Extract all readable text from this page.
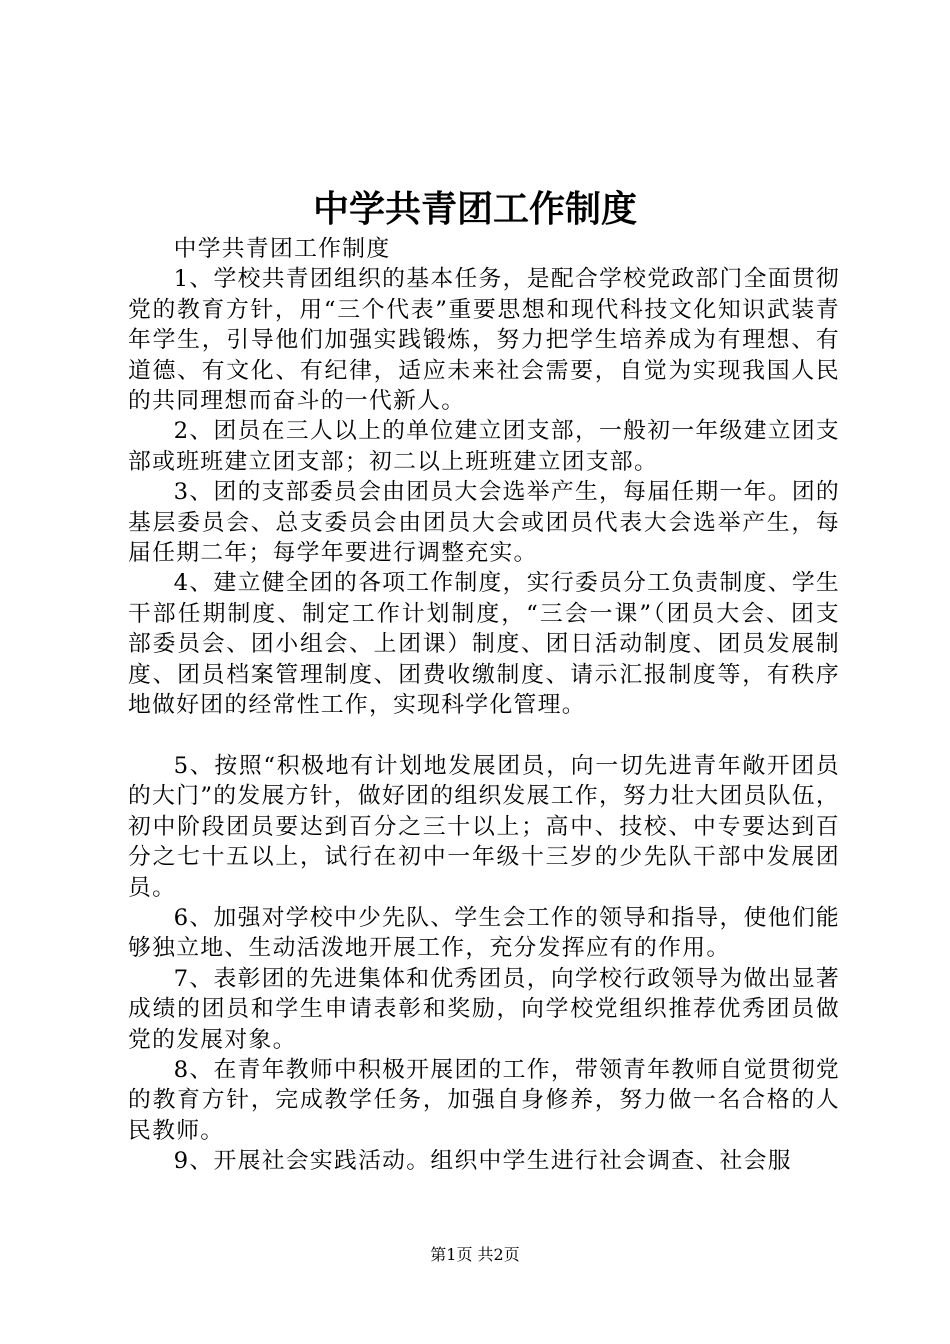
中学共青团工作制度

中学共青团工作制度

1、学校共青团组织的基本任务，是配合学校党政部门全面贯彻党的教育方针，用“三个代表”重要思想和现代科技文化知识武装青年学生，引导他们加强实践锻炼，努力把学生培养成为有理想、有道德、有文化、有纪律，适应未来社会需要，自觉为实现我国人民的共同理想而奋斗的一代新人。

2、团员在三人以上的单位建立团支部，一般初一年级建立团支部或班班建立团支部；初二以上班班建立团支部。

3、团的支部委员会由团员大会选举产生，每届任期一年。团的基层委员会、总支委员会由团员大会或团员代表大会选举产生，每届任期二年；每学年要进行调整充实。

4、建立健全团的各项工作制度，实行委员分工负责制度、学生干部任期制度、制定工作计划制度，“三会一课”（团员大会、团支部委员会、团小组会、上团课）制度、团日活动制度、团员发展制度、团员档案管理制度、团费收缴制度、请示汇报制度等，有秩序地做好团的经常性工作，实现科学化管理。

5、按照“积极地有计划地发展团员，向一切先进青年敞开团员的大门”的发展方针，做好团的组织发展工作，努力壮大团员队伍，初中阶段团员要达到百分之三十以上；高中、技校、中专要达到百分之七十五以上，试行在初中一年级十三岁的少先队干部中发展团员。

6、加强对学校中少先队、学生会工作的领导和指导，使他们能够独立地、生动活泼地开展工作，充分发挥应有的作用。

7、表彰团的先进集体和优秀团员，向学校行政领导为做出显著成绩的团员和学生申请表彰和奖励，向学校党组织推荐优秀团员做党的发展对象。

8、在青年教师中积极开展团的工作，带领青年教师自觉贯彻党的教育方针，完成教学任务，加强自身修养，努力做一名合格的人民教师。

9、开展社会实践活动。组织中学生进行社会调查、社会服

第1页 共2页
